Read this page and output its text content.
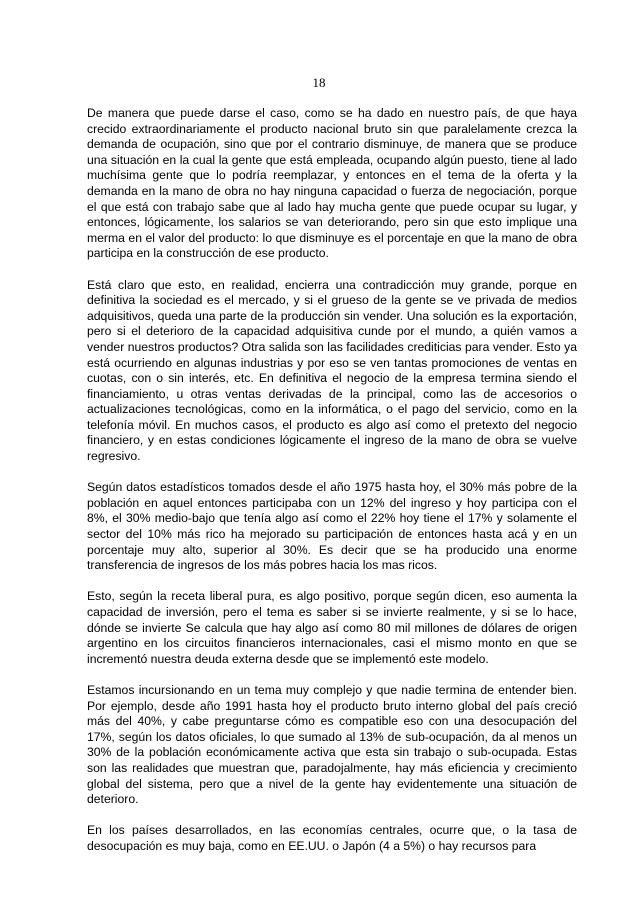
18

De manera que puede darse el caso, como se ha dado en nuestro país, de que haya crecido extraordinariamente el producto nacional bruto sin que paralelamente crezca la demanda de ocupación, sino que por el contrario disminuye, de manera que se produce una situación en la cual la gente que está empleada, ocupando algún puesto, tiene al lado muchísima gente que lo podría reemplazar, y entonces en el tema de la oferta y la demanda en la mano de obra no hay ninguna capacidad o fuerza de negociación, porque el que está con trabajo sabe que al lado hay mucha gente que puede ocupar su lugar, y entonces, lógicamente, los salarios se van deteriorando, pero sin que esto implique una merma en el valor del producto: lo que disminuye es el porcentaje en que la mano de obra participa en la construcción de ese producto.

Está claro que esto, en realidad, encierra una contradicción muy grande, porque en definitiva la sociedad es el mercado, y si el grueso de la gente se ve privada de medios adquisitivos, queda una parte de la producción sin vender. Una solución es la exportación, pero si el deterioro de la capacidad adquisitiva cunde por el mundo, a quién vamos a vender nuestros productos? Otra salida son las facilidades crediticias para vender. Esto ya está ocurriendo en algunas industrias y por eso se ven tantas promociones de ventas en cuotas, con o sin interés, etc. En definitiva el negocio de la empresa termina siendo el financiamiento, u otras ventas derivadas de la principal, como las de accesorios o actualizaciones tecnológicas, como en la informática, o el pago del servicio, como en la telefonía móvil. En muchos casos, el producto es algo así como el pretexto del negocio financiero, y en estas condiciones lógicamente el ingreso de la mano de obra se vuelve regresivo.

Según datos estadísticos tomados desde el año 1975 hasta hoy, el 30% más pobre de la población en aquel entonces participaba con un 12% del ingreso y hoy participa con el 8%, el 30% medio-bajo que tenía algo así como el 22% hoy tiene el 17% y solamente el sector del 10% más rico ha mejorado su participación de entonces hasta acá y en un porcentaje muy alto, superior al 30%. Es decir que se ha producido una enorme transferencia de ingresos de los más pobres hacia los mas ricos.

Esto, según la receta liberal pura, es algo positivo, porque según dicen, eso aumenta la capacidad de inversión, pero el tema es saber si se invierte realmente, y si se lo hace, dónde se invierte Se calcula que hay algo así como 80 mil millones de dólares de origen argentino en los circuitos financieros internacionales, casi el mismo monto en que se incrementó nuestra deuda externa desde que se implementó este modelo.

Estamos incursionando en un tema muy complejo y que nadie termina de entender bien. Por ejemplo, desde año 1991 hasta hoy el producto bruto interno global del país creció más del 40%, y cabe preguntarse cómo es compatible eso con una desocupación del 17%, según los datos oficiales, lo que sumado al 13% de sub-ocupación, da al menos un 30% de la población económicamente activa que esta sin trabajo o sub-ocupada. Estas son las realidades que muestran que, paradojalmente, hay más eficiencia y crecimiento global del sistema, pero que a nivel de la gente hay evidentemente una situación de deterioro.

En los países desarrollados, en las economías centrales, ocurre que, o la tasa de desocupación es muy baja, como en EE.UU. o Japón (4 a 5%) o hay recursos para
